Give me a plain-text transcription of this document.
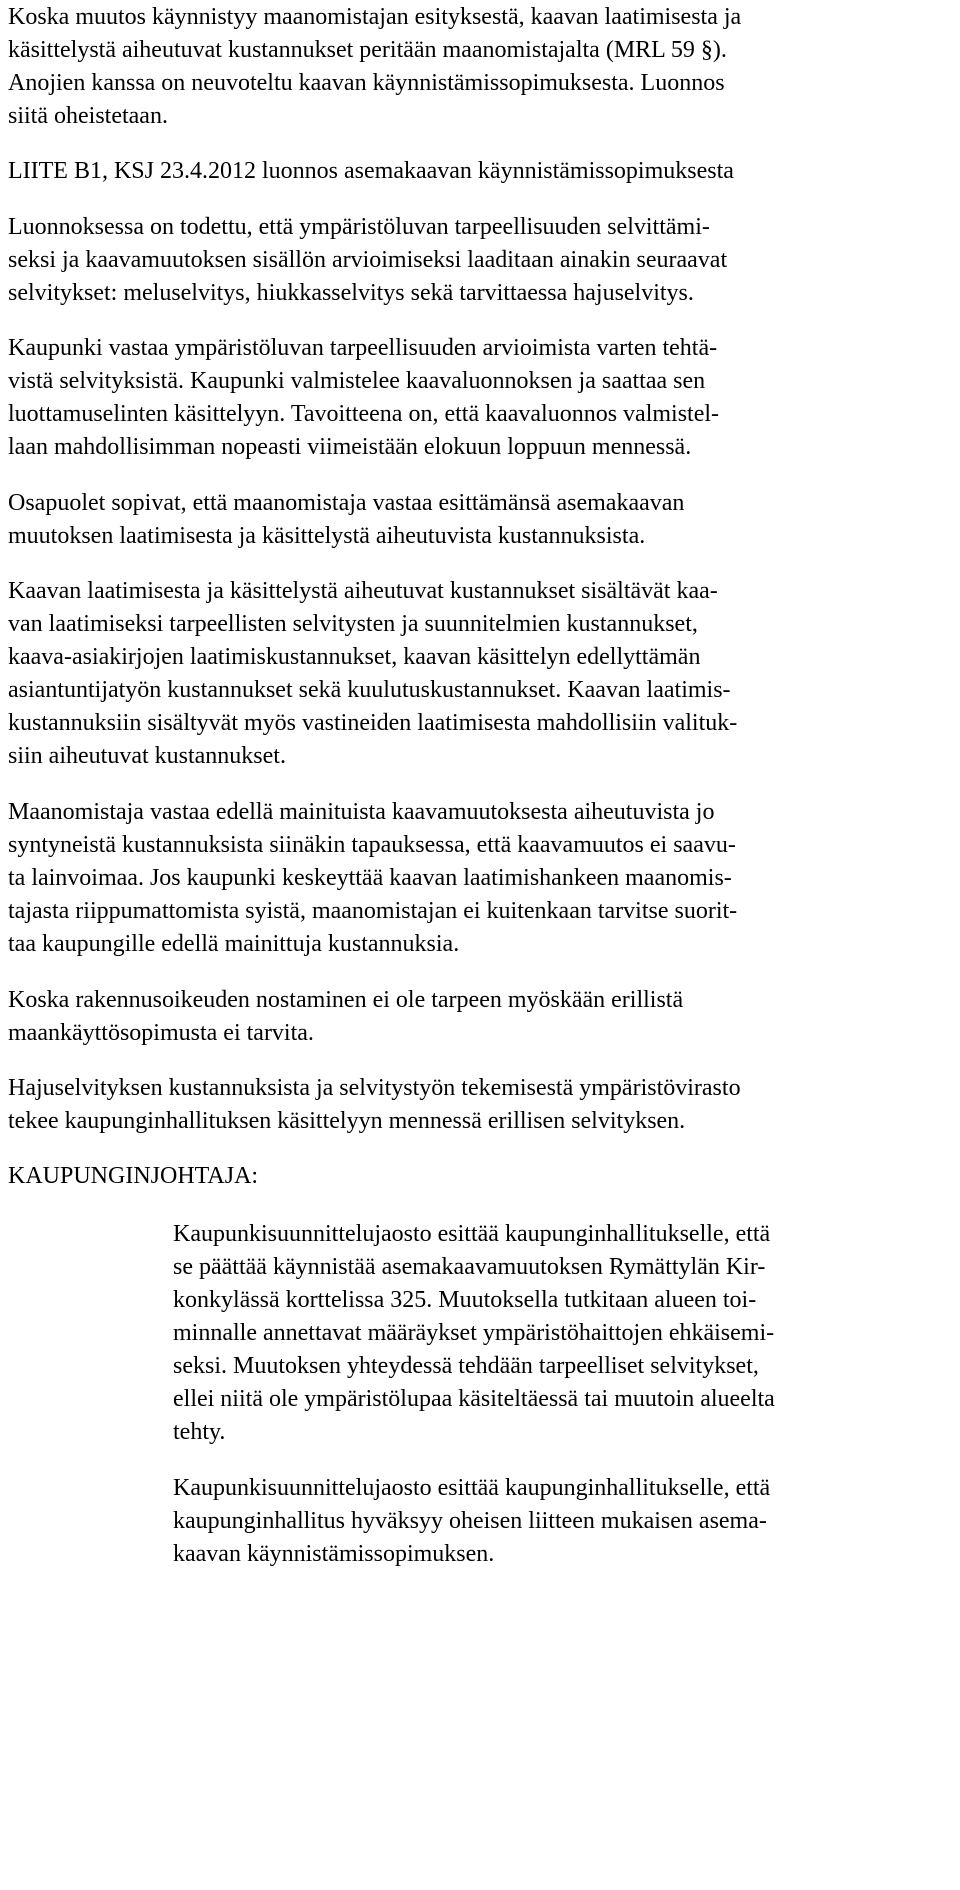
Koska muutos käynnistyy maanomistajan esityksestä, kaavan laatimisesta ja
käsittelystä aiheutuvat kustannukset peritään maanomistajalta (MRL 59 §).
Anojien kanssa on neuvoteltu kaavan käynnistämissopimuksesta. Luonnos
siitä oheistetaan.
LIITE B1, KSJ 23.4.2012 luonnos asemakaavan käynnistämissopimuksesta
Luonnoksessa on todettu, että ympäristöluvan tarpeellisuuden selvittämi-
seksi ja kaavamuutoksen sisällön arvioimiseksi laaditaan ainakin seuraavat
selvitykset: meluselvitys, hiukkasselvitys sekä tarvittaessa hajuselvitys.
Kaupunki vastaa ympäristöluvan tarpeellisuuden arvioimista varten tehtä-
vistä selvityksistä. Kaupunki valmistelee kaavaluonnoksen ja saattaa sen
luottamuselinten käsittelyyn. Tavoitteena on, että kaavaluonnos valmistel-
laan mahdollisimman nopeasti viimeistään elokuun loppuun mennessä.
Osapuolet sopivat, että maanomistaja vastaa esittämänsä asemakaavan
muutoksen laatimisesta ja käsittelystä aiheutuvista kustannuksista.
Kaavan laatimisesta ja käsittelystä aiheutuvat kustannukset sisältävät kaa-
van laatimiseksi tarpeellisten selvitysten ja suunnitelmien kustannukset,
kaava-asiakirjojen laatimiskustannukset, kaavan käsittelyn edellyttämän
asiantuntijatyön kustannukset sekä kuulutuskustannukset. Kaavan laatimis-
kustannuksiin sisältyvät myös vastineiden laatimisesta mahdollisiin valituk-
siin aiheutuvat kustannukset.
Maanomistaja vastaa edellä mainituista kaavamuutoksesta aiheutuvista jo
syntyneistä kustannuksista siinäkin tapauksessa, että kaavamuutos ei saavu-
ta lainvoimaa. Jos kaupunki keskeyttää kaavan laatimishankeen maanomis-
tajasta riippumattomista syistä, maanomistajan ei kuitenkaan tarvitse suorit-
taa kaupungille edellä mainittuja kustannuksia.
Koska rakennusoikeuden nostaminen ei ole tarpeen myöskään erillistä
maankäyttösopimusta ei tarvita.
Hajuselvityksen kustannuksista ja selvitystyön tekemisestä ympäristövirasto
tekee kaupunginhallituksen käsittelyyn mennessä erillisen selvityksen.
KAUPUNGINJOHTAJA:
Kaupunkisuunnittelujaosto esittää kaupunginhallitukselle, että
se päättää käynnistää asemakaavamuutoksen Rymättylän Kir-
konkylässä korttelissa 325. Muutoksella tutkitaan alueen toi-
minnalle annettavat määräykset ympäristöhaittojen ehkäisemi-
seksi. Muutoksen yhteydessä tehdään tarpeelliset selvitykset,
ellei niitä ole ympäristölupaa käsiteltäessä tai muutoin alueelta
tehty.
Kaupunkisuunnittelujaosto esittää kaupunginhallitukselle, että
kaupunginhallitus hyväksyy oheisen liitteen mukaisen asema-
kaavan käynnistämissopimuksen.
